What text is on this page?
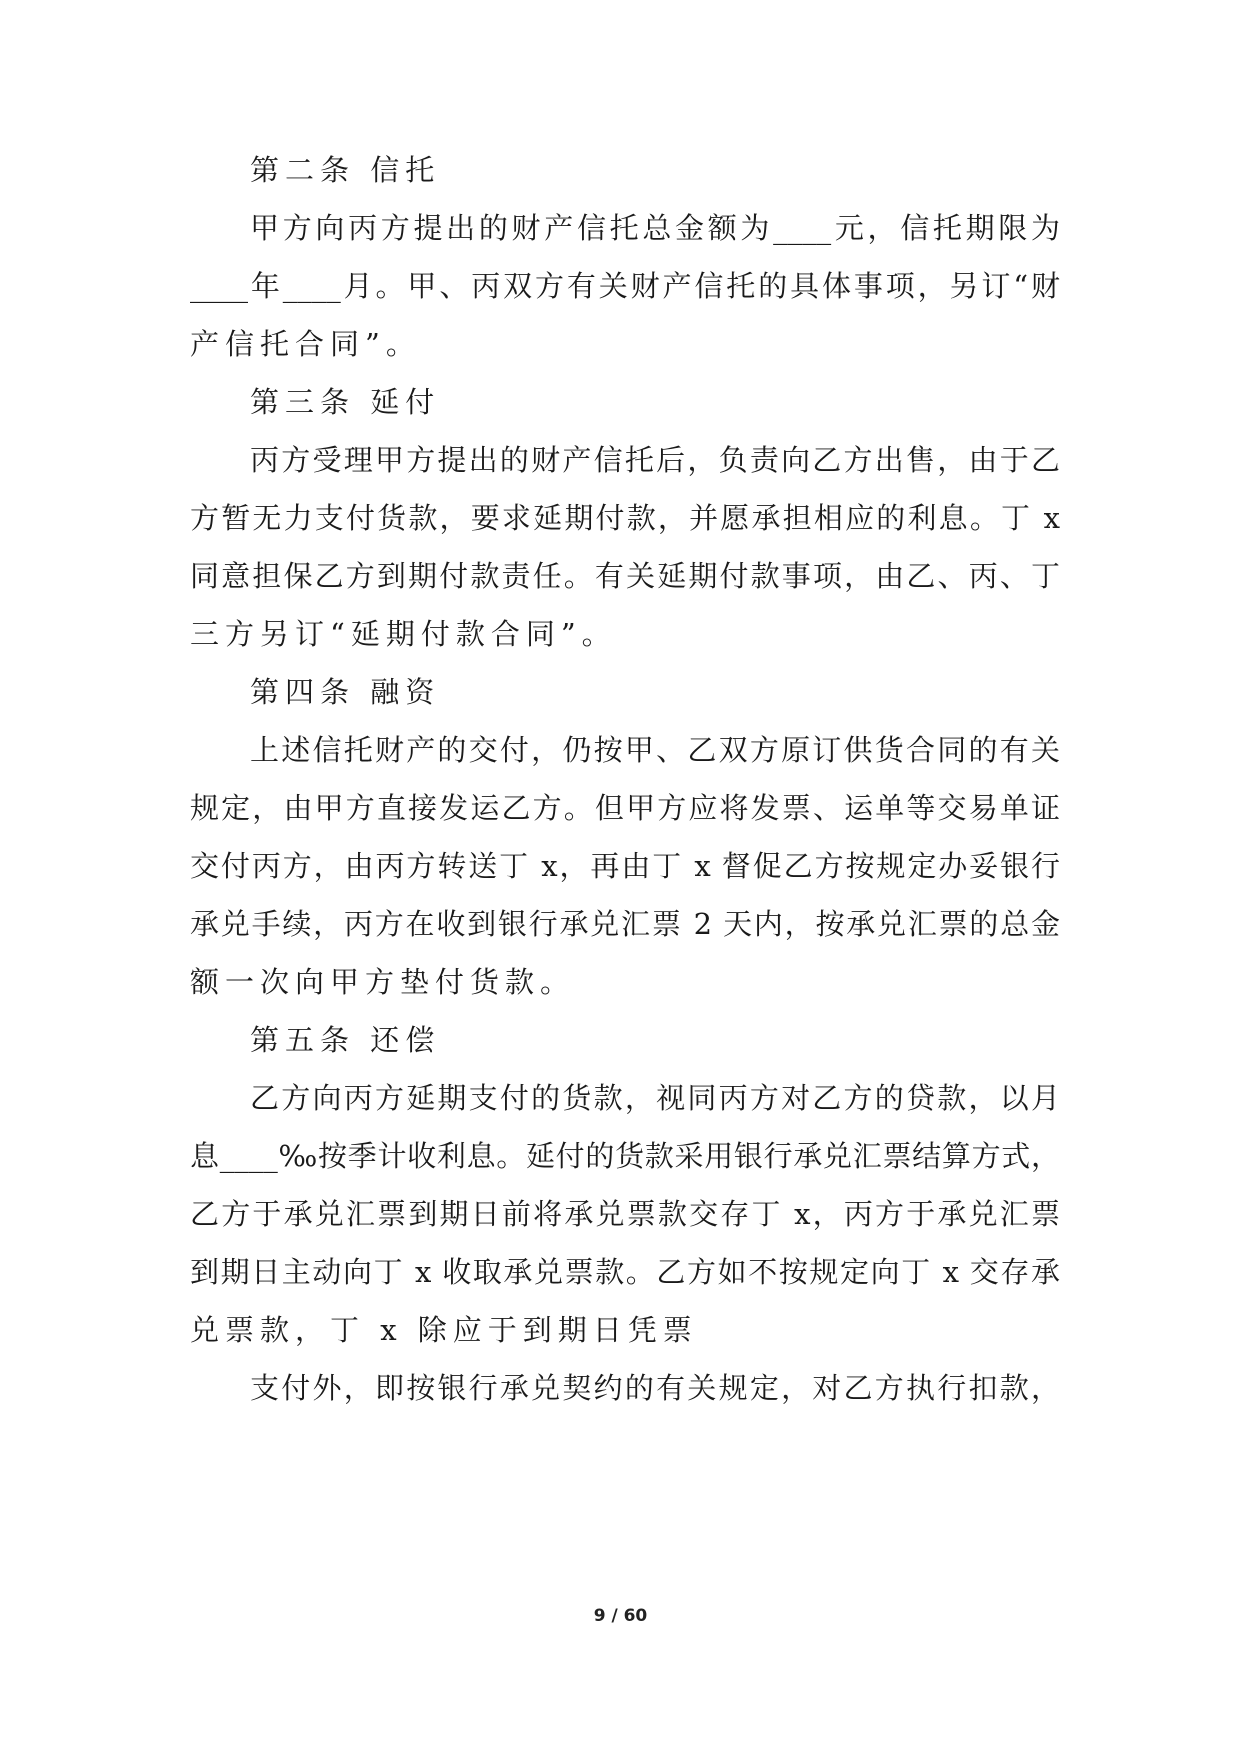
第二条 信托
甲方向丙方提出的财产信托总金额为____元，信托期限为
____年____月。甲、丙双方有关财产信托的具体事项，另订“财
产信托合同”。
第三条 延付
丙方受理甲方提出的财产信托后，负责向乙方出售，由于乙
方暂无力支付货款，要求延期付款，并愿承担相应的利息。丁 x
同意担保乙方到期付款责任。有关延期付款事项，由乙、丙、丁
三方另订“延期付款合同”。
第四条 融资
上述信托财产的交付，仍按甲、乙双方原订供货合同的有关
规定，由甲方直接发运乙方。但甲方应将发票、运单等交易单证
交付丙方，由丙方转送丁 x，再由丁 x 督促乙方按规定办妥银行
承兑手续，丙方在收到银行承兑汇票 2 天内，按承兑汇票的总金
额一次向甲方垫付货款。
第五条 还偿
乙方向丙方延期支付的货款，视同丙方对乙方的贷款，以月
息____‰按季计收利息。延付的货款采用银行承兑汇票结算方式，
乙方于承兑汇票到期日前将承兑票款交存丁 x，丙方于承兑汇票
到期日主动向丁 x 收取承兑票款。乙方如不按规定向丁 x 交存承
兑票款，丁 x 除应于到期日凭票
支付外，即按银行承兑契约的有关规定，对乙方执行扣款，
9 / 60
